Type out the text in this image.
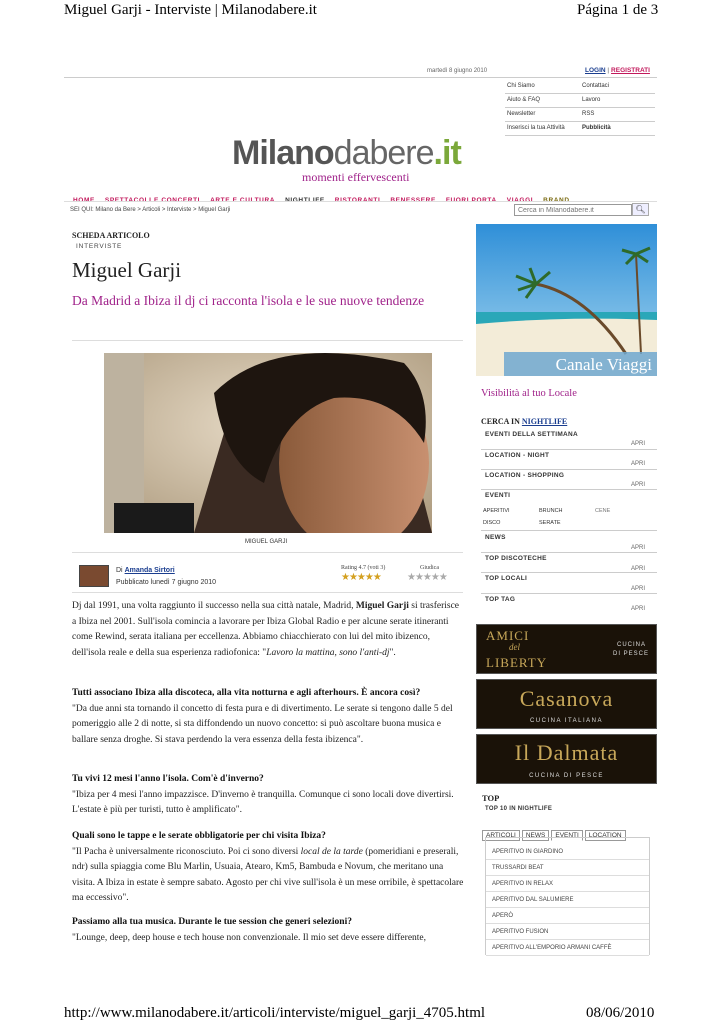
Miguel Garji - Interviste | Milanodabere.it	Página 1 de 3
http://www.milanodabere.it/articoli/interviste/miguel_garji_4705.html	08/06/2010
martedì 8 giugno 2010	LOGIN | REGISTRATI
Chi Siamo	Contattaci
Aiuto & FAQ	Lavoro
Newsletter	RSS
Inserisci la tua Attività	Pubblicità
Milanodabere.it
momenti effervescenti
SEI QUI: Milano da Bere > Articoli > Interviste > Miguel Garji
Cerca in Milanodabere.it	🔍︎
SCHEDA ARTICOLO
INTERVISTE
Miguel Garji
Da Madrid a Ibiza il dj ci racconta l'isola e le sue nuove tendenze
MIGUEL GARJI
Di Amanda Sirtori
Pubblicato lunedì 7 giugno 2010
Rating 4.7 (voti 3)
★★★★★
Giudica
★★★★★
Dj dal 1991, una volta raggiunto il successo nella sua città natale, Madrid, Miguel Garji si trasferisce a Ibiza nel 2001. Sull'isola comincia a lavorare per Ibiza Global Radio e per alcune serate itineranti come Rewind, serata italiana per eccellenza. Abbiamo chiacchierato con lui del mito ibizenco, dell'isola reale e della sua esperienza radiofonica: "Lavoro la mattina, sono l'anti-dj".
Tutti associano Ibiza alla discoteca, alla vita notturna e agli afterhours. È ancora così?
"Da due anni sta tornando il concetto di festa pura e di divertimento. Le serate si tengono dalle 5 del pomeriggio alle 2 di notte, si sta diffondendo un nuovo concetto: si può ascoltare buona musica e ballare senza droghe. Si stava perdendo la vera essenza della festa ibizenca".
Tu vivi 12 mesi l'anno l'isola. Com'è d'inverno?
"Ibiza per 4 mesi l'anno impazzisce. D'inverno è tranquilla. Comunque ci sono locali dove divertirsi. L'estate è più per turisti, tutto è amplificato".
Quali sono le tappe e le serate obbligatorie per chi visita Ibiza?
"Il Pacha è universalmente riconosciuto. Poi ci sono diversi local de la tarde (pomeridiani e preserali, ndr) sulla spiaggia come Blu Marlin, Usuaia, Atearo, Km5, Bambuda e Novum, che meritano una visita. A Ibiza in estate è sempre sabato. Agosto per chi vive sull'isola è un mese orribile, è spettacolare ma eccessivo".
Passiamo alla tua musica. Durante le tue session che generi selezioni?
"Lounge, deep, deep house e tech house non convenzionale. Il mio set deve essere differente,
Canale Viaggi
Visibilità al tuo Locale
CERCA IN NIGHTLIFE
EVENTI DELLA SETTIMANA
APRI
LOCATION - NIGHT
APRI
LOCATION - SHOPPING
APRI
EVENTI
APERITIVI	BRUNCH	CENE
DISCO	SERATE
NEWS
APRI
TOP DISCOTECHE
APRI
TOP LOCALI
APRI
TOP TAG
APRI
AMICI
del
LIBERTY
CUCINA
DI PESCE
Casanova
CUCINA ITALIANA
Il Dalmata
CUCINA DI PESCE
TOP
TOP 10 IN NIGHTLIFE
ARTICOLI NEWS EVENTI LOCATION
APERITIVO IN GIARDINO
TRUSSARDI BEAT
APERITIVO IN RELAX
APERITIVO DAL SALUMIERE
APERÒ
APERITIVO FUSION
APERITIVO ALL'EMPORIO ARMANI CAFFÈ
